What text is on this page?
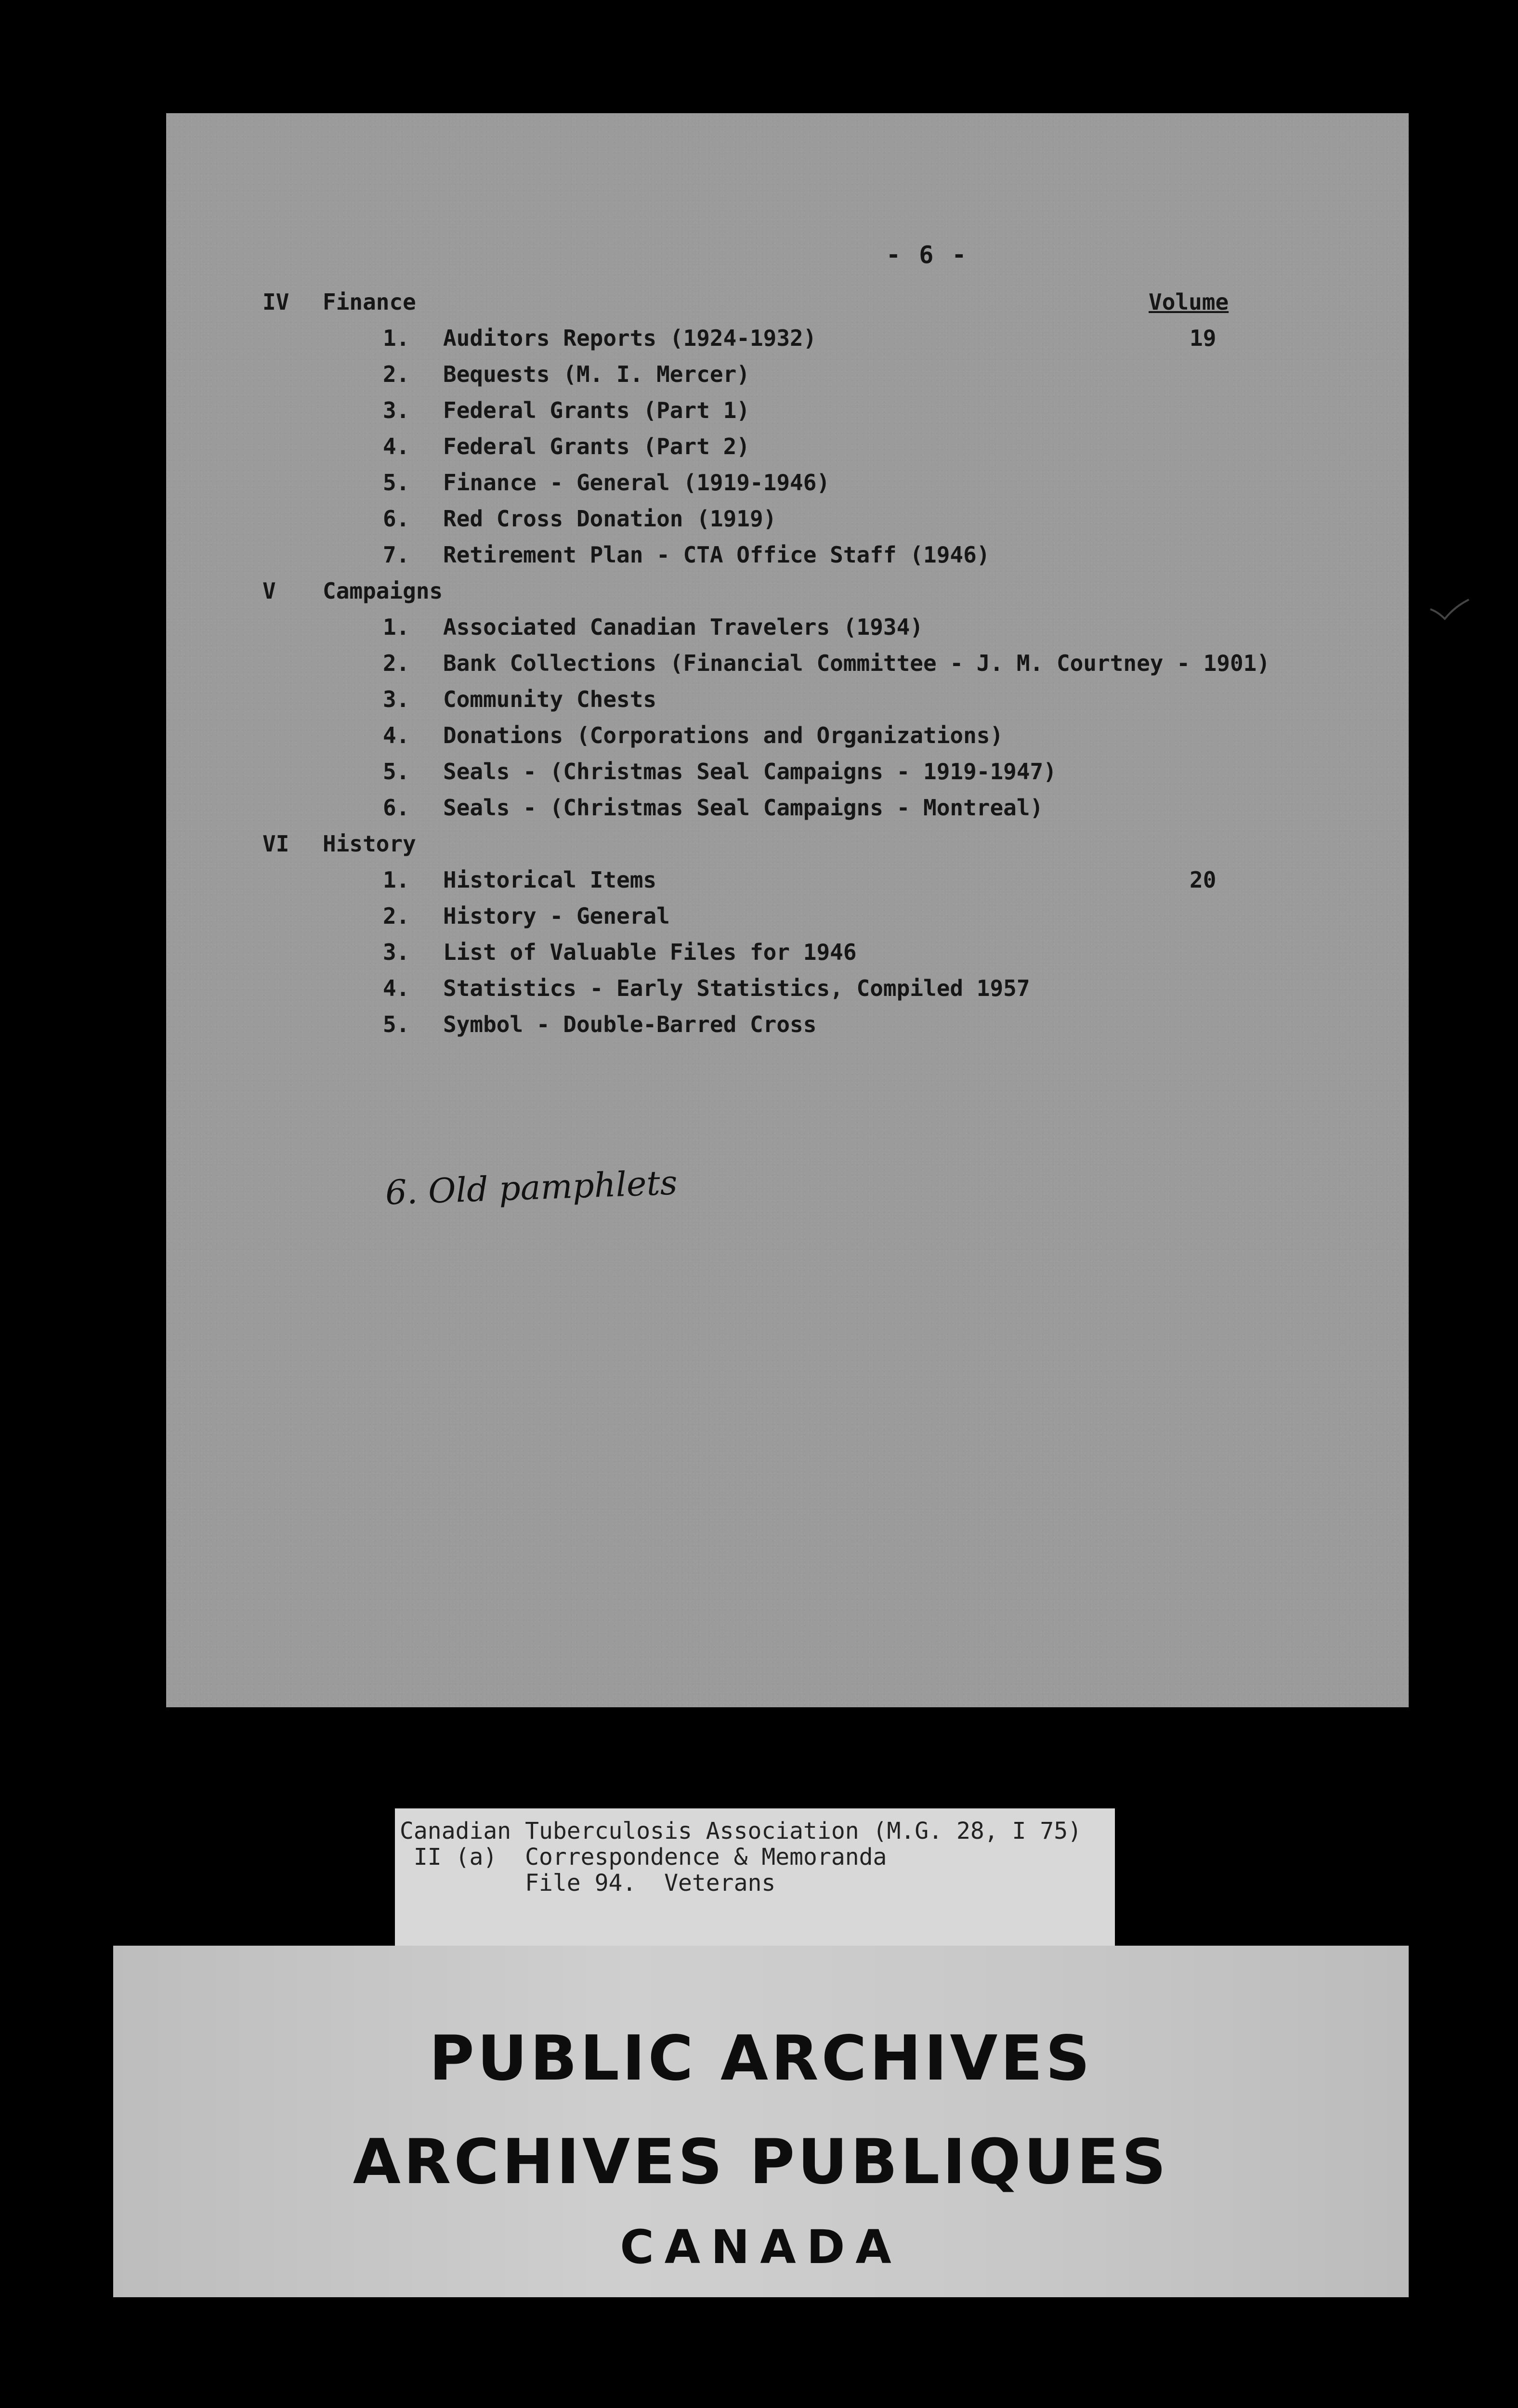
- 6 -
Volume
IV Finance
1. Auditors Reports (1924-1932)	19
2. Bequests (M. I. Mercer)
3. Federal Grants (Part 1)
4. Federal Grants (Part 2)
5. Finance - General (1919-1946)
6. Red Cross Donation (1919)
7. Retirement Plan - CTA Office Staff (1946)
V Campaigns
1. Associated Canadian Travelers (1934)
2. Bank Collections (Financial Committee - J. M. Courtney - 1901)
3. Community Chests
4. Donations (Corporations and Organizations)
5. Seals - (Christmas Seal Campaigns - 1919-1947)
6. Seals - (Christmas Seal Campaigns - Montreal)
VI History
1. Historical Items	20
2. History - General
3. List of Valuable Files for 1946
4. Statistics - Early Statistics, Compiled 1957
5. Symbol - Double-Barred Cross
6. Old pamphlets
Canadian Tuberculosis Association (M.G. 28, I 75)
II (a)  Correspondence & Memoranda
File 94.  Veterans
PUBLIC ARCHIVES
ARCHIVES PUBLIQUES
CANADA
